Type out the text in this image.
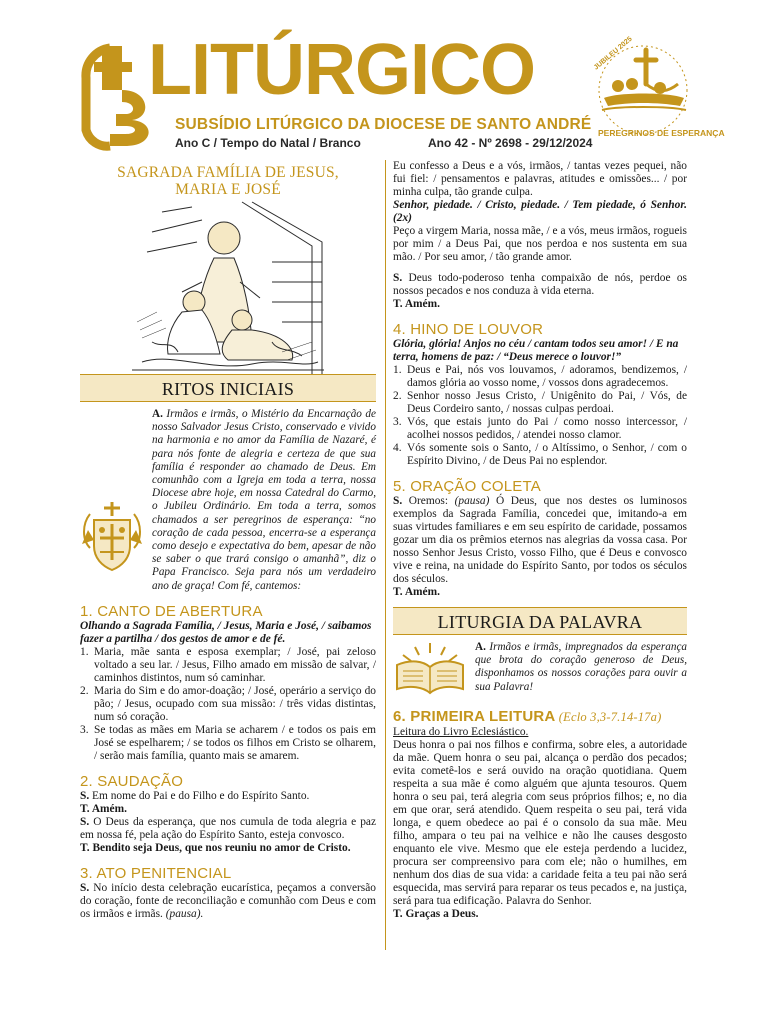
LITÚRGICO
SUBSÍDIO LITÚRGICO DA DIOCESE DE SANTO ANDRÉ
Ano C / Tempo do Natal / Branco	Ano 42 - Nº 2698 - 29/12/2024
JUBILEU 2025
PEREGRINOS DE ESPERANÇA
SAGRADA FAMÍLIA DE JESUS,
MARIA E JOSÉ
RITOS INICIAIS
A. Irmãos e irmãs, o Mistério da Encarnação de nosso Salvador Jesus Cristo, conservado e vivido na harmonia e no amor da Família de Nazaré, é para nós fonte de alegria e certeza de que sua família é responder ao chamado de Deus. Em comunhão com a Igreja em toda a terra, nossa Diocese abre hoje, em nossa Catedral do Carmo, o Jubileu Ordinário. Em toda a terra, somos chamados a ser peregrinos de esperança: “no coração de cada pessoa, encerra-se a esperança como desejo e expectativa do bem, apesar de não se saber o que trará consigo o amanhã”, diz o Papa Francisco. Seja para nós um verdadeiro ano de graça! Com fé, cantemos:
1. CANTO DE ABERTURA
Olhando a Sagrada Família, / Jesus, Maria e José, / saibamos fazer a partilha / dos gestos de amor e de fé.
1. Maria, mãe santa e esposa exemplar; / José, pai zeloso voltado a seu lar. / Jesus, Filho amado em missão de salvar, / caminhos distintos, num só caminhar.
2. Maria do Sim e do amor-doação; / José, operário a serviço do pão; / Jesus, ocupado com sua missão: / três vidas distintas, num só coração.
3. Se todas as mães em Maria se acharem / e todos os pais em José se espelharem; / se todos os filhos em Cristo se olharem, / serão mais família, quanto mais se amarem.
2. SAUDAÇÃO
S. Em nome do Pai e do Filho e do Espírito Santo.
T. Amém.
S. O Deus da esperança, que nos cumula de toda alegria e paz em nossa fé, pela ação do Espírito Santo, esteja convosco.
T. Bendito seja Deus, que nos reuniu no amor de Cristo.
3. ATO PENITENCIAL
S. No início desta celebração eucarística, peçamos a conversão do coração, fonte de reconciliação e comunhão com Deus e com os irmãos e irmãs. (pausa).
Eu confesso a Deus e a vós, irmãos, / tantas vezes pequei, não fui fiel: / pensamentos e palavras, atitudes e omissões... / por minha culpa, tão grande culpa.
Senhor, piedade. / Cristo, piedade. / Tem piedade, ó Senhor. (2x)
Peço a virgem Maria, nossa mãe, / e a vós, meus irmãos, rogueis por mim / a Deus Pai, que nos perdoa e nos sustenta em sua mão. / Por seu amor, / tão grande amor.
S. Deus todo-poderoso tenha compaixão de nós, perdoe os nossos pecados e nos conduza à vida eterna.
T. Amém.
4. HINO DE LOUVOR
Glória, glória! Anjos no céu / cantam todos seu amor! / E na terra, homens de paz: / “Deus merece o louvor!”
1. Deus e Pai, nós vos louvamos, / adoramos, bendizemos, / damos glória ao vosso nome, / vossos dons agradecemos.
2. Senhor nosso Jesus Cristo, / Unigênito do Pai, / Vós, de Deus Cordeiro santo, / nossas culpas perdoai.
3. Vós, que estais junto do Pai / como nosso intercessor, / acolhei nossos pedidos, / atendei nosso clamor.
4. Vós somente sois o Santo, / o Altíssimo, o Senhor, / com o Espírito Divino, / de Deus Pai no esplendor.
5. ORAÇÃO COLETA
S. Oremos: (pausa) Ó Deus, que nos destes os luminosos exemplos da Sagrada Família, concedei que, imitando-a em suas virtudes familiares e em seu espírito de caridade, possamos gozar um dia os prêmios eternos nas alegrias da vossa casa. Por nosso Senhor Jesus Cristo, vosso Filho, que é Deus e convosco vive e reina, na unidade do Espírito Santo, por todos os séculos dos séculos.
T. Amém.
LITURGIA DA PALAVRA
A. Irmãos e irmãs, impregnados da esperança que brota do coração generoso de Deus, disponhamos os nossos corações para ouvir a sua Palavra!
6. PRIMEIRA LEITURA (Eclo 3,3-7.14-17a)
Leitura do Livro Eclesiástico.
Deus honra o pai nos filhos e confirma, sobre eles, a autoridade da mãe. Quem honra o seu pai, alcança o perdão dos pecados; evita cometê-los e será ouvido na oração quotidiana. Quem respeita a sua mãe é como alguém que ajunta tesouros. Quem honra o seu pai, terá alegria com seus próprios filhos; e, no dia em que orar, será atendido. Quem respeita o seu pai, terá vida longa, e quem obedece ao pai é o consolo da sua mãe. Meu filho, ampara o teu pai na velhice e não lhe causes desgosto enquanto ele vive. Mesmo que ele esteja perdendo a lucidez, procura ser compreensivo para com ele; não o humilhes, em nenhum dos dias de sua vida: a caridade feita a teu pai não será esquecida, mas servirá para reparar os teus pecados e, na justiça, será para tua edificação. Palavra do Senhor.
T. Graças a Deus.
